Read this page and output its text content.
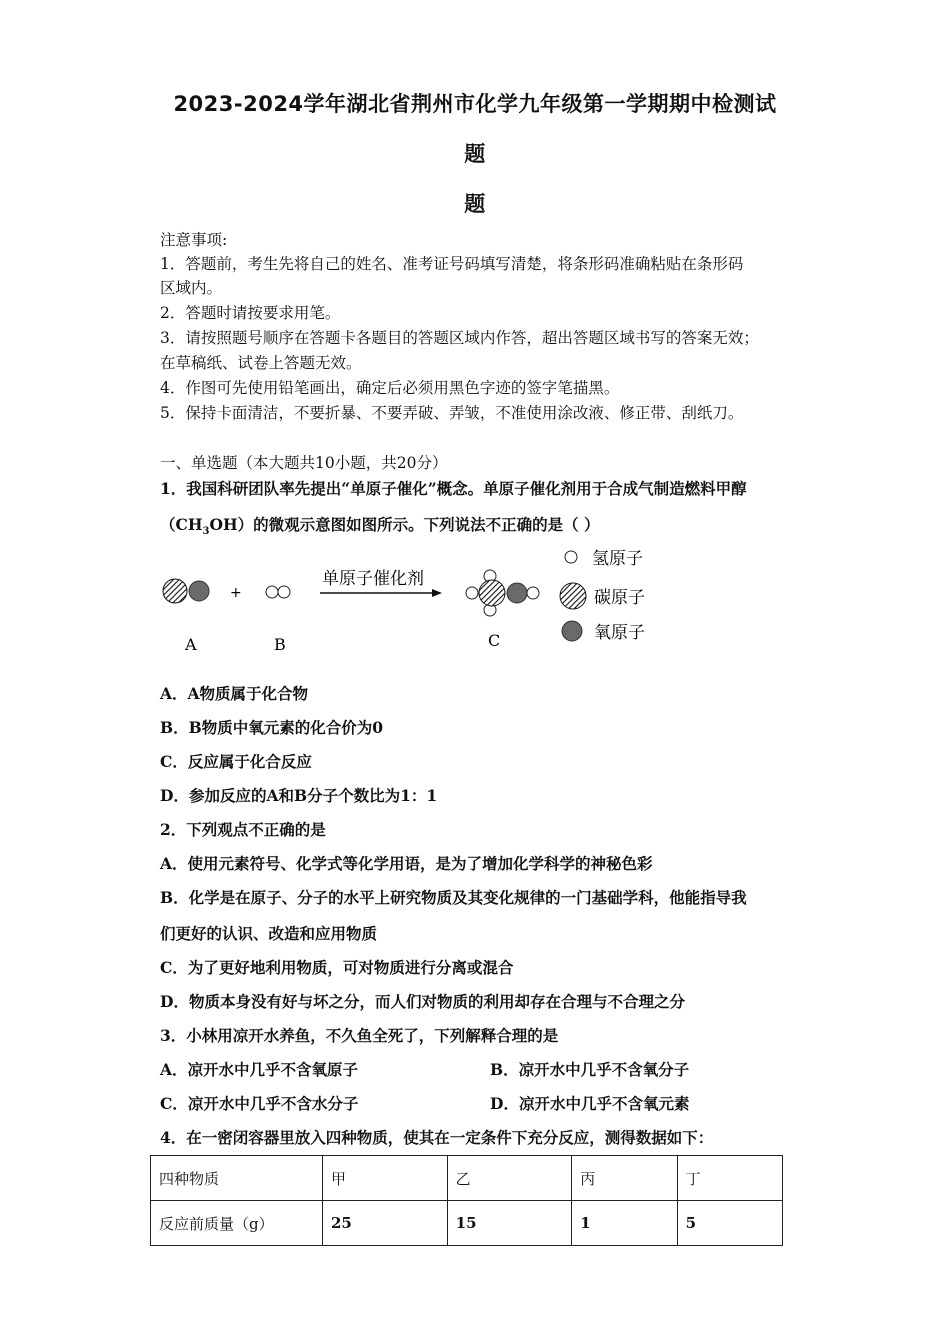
2023-2024学年湖北省荆州市化学九年级第一学期期中检测试
题
题
注意事项:
1．答题前，考生先将自己的姓名、准考证号码填写清楚，将条形码准确粘贴在条形码
区域内。
2．答题时请按要求用笔。
3．请按照题号顺序在答题卡各题目的答题区域内作答，超出答题区域书写的答案无效；
在草稿纸、试卷上答题无效。
4．作图可先使用铅笔画出，确定后必须用黑色字迹的签字笔描黑。
5．保持卡面清洁，不要折暴、不要弄破、弄皱，不准使用涂改液、修正带、刮纸刀。
一、单选题（本大题共10小题，共20分）
1．我国科研团队率先提出“单原子催化”概念。单原子催化剂用于合成气制造燃料甲醇
$(CH_3OH)$的微观示意图如图所示。下列说法不正确的是（ ）
+
单原子催化剂
A	B	C
氢原子
碳原子
氧原子
A．A物质属于化合物
B．B物质中氧元素的化合价为0
C．反应属于化合反应
D．参加反应的A和B分子个数比为1：1
2．下列观点不正确的是
A．使用元素符号、化学式等化学用语，是为了增加化学科学的神秘色彩
B．化学是在原子、分子的水平上研究物质及其变化规律的一门基础学科，他能指导我
们更好的认识、改造和应用物质
C．为了更好地利用物质，可对物质进行分离或混合
D．物质本身没有好与坏之分，而人们对物质的利用却存在合理与不合理之分
3．小林用凉开水养鱼，不久鱼全死了，下列解释合理的是
A．凉开水中几乎不含氧原子	B．凉开水中几乎不含氧分子
C．凉开水中几乎不含水分子	D．凉开水中几乎不含氧元素
4．在一密闭容器里放入四种物质，使其在一定条件下充分反应，测得数据如下：
四种物质	甲	乙	丙	丁
反应前质量（g）	25	15	1	5
